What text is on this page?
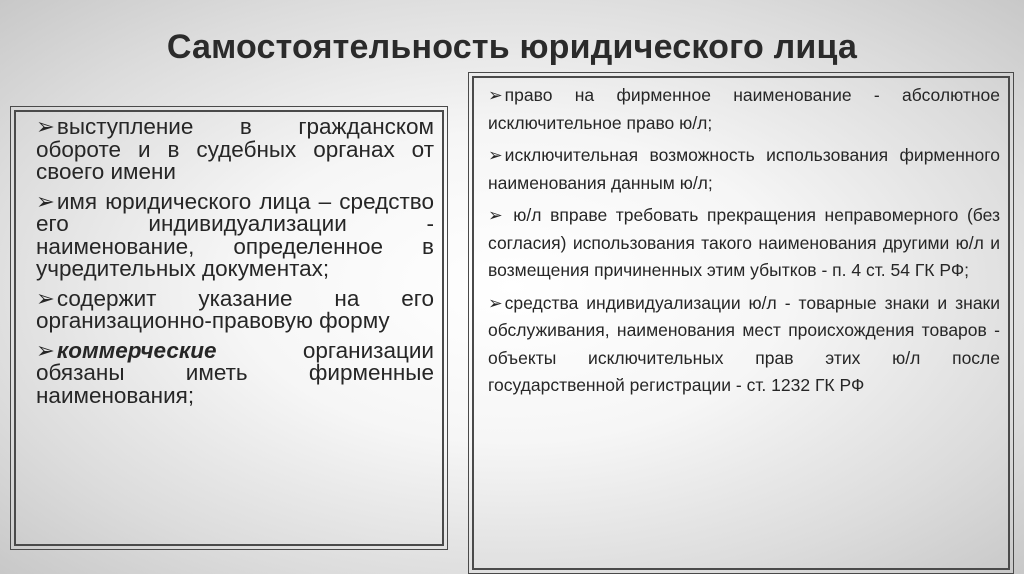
Самостоятельность юридического лица
➢выступление в гражданском обороте и в судебных органах от своего имени
➢имя юридического лица – средство его индивидуализации - наименование, определенное в учредительных документах;
➢содержит указание на его организационно-правовую форму
➢коммерческие организации обязаны иметь фирменные наименования;
➢ право на фирменное наименование - абсолютное исключительное право ю/л;
➢ исключительная возможность использования фирменного наименования данным ю/л;
➢ ю/л вправе требовать прекращения неправомерного (без согласия) использования такого наименования другими ю/л и возмещения причиненных этим убытков - п. 4 ст. 54 ГК РФ;
➢ средства индивидуализации ю/л - товарные знаки и знаки обслуживания, наименования мест происхождения товаров - объекты исключительных прав этих ю/л после государственной регистрации - ст. 1232 ГК РФ
